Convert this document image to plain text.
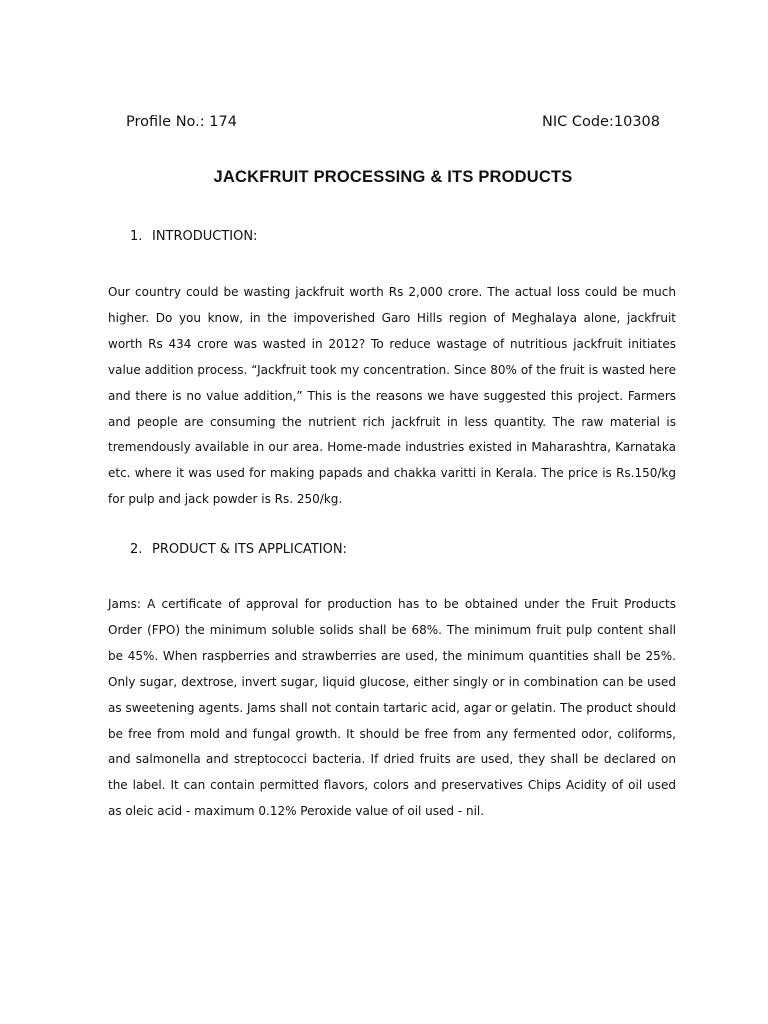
Profile No.: 174	NIC Code:10308
JACKFRUIT PROCESSING & ITS PRODUCTS
1. INTRODUCTION:

Our country could be wasting jackfruit worth Rs 2,000 crore. The actual loss could be much higher. Do you know, in the impoverished Garo Hills region of Meghalaya alone, jackfruit worth Rs 434 crore was wasted in 2012? To reduce wastage of nutritious jackfruit initiates value addition process. “Jackfruit took my concentration. Since 80% of the fruit is wasted here and there is no value addition,” This is the reasons we have suggested this project. Farmers and people are consuming the nutrient rich jackfruit in less quantity. The raw material is tremendously available in our area. Home-made industries existed in Maharashtra, Karnataka etc. where it was used for making papads and chakka varitti in Kerala. The price is Rs.150/kg for pulp and jack powder is Rs. 250/kg.

2. PRODUCT & ITS APPLICATION:

Jams: A certificate of approval for production has to be obtained under the Fruit Products Order (FPO) the minimum soluble solids shall be 68%. The minimum fruit pulp content shall be 45%. When raspberries and strawberries are used, the minimum quantities shall be 25%. Only sugar, dextrose, invert sugar, liquid glucose, either singly or in combination can be used as sweetening agents. Jams shall not contain tartaric acid, agar or gelatin. The product should be free from mold and fungal growth. It should be free from any fermented odor, coliforms, and salmonella and streptococci bacteria. If dried fruits are used, they shall be declared on the label. It can contain permitted flavors, colors and preservatives Chips Acidity of oil used as oleic acid - maximum 0.12% Peroxide value of oil used - nil.
